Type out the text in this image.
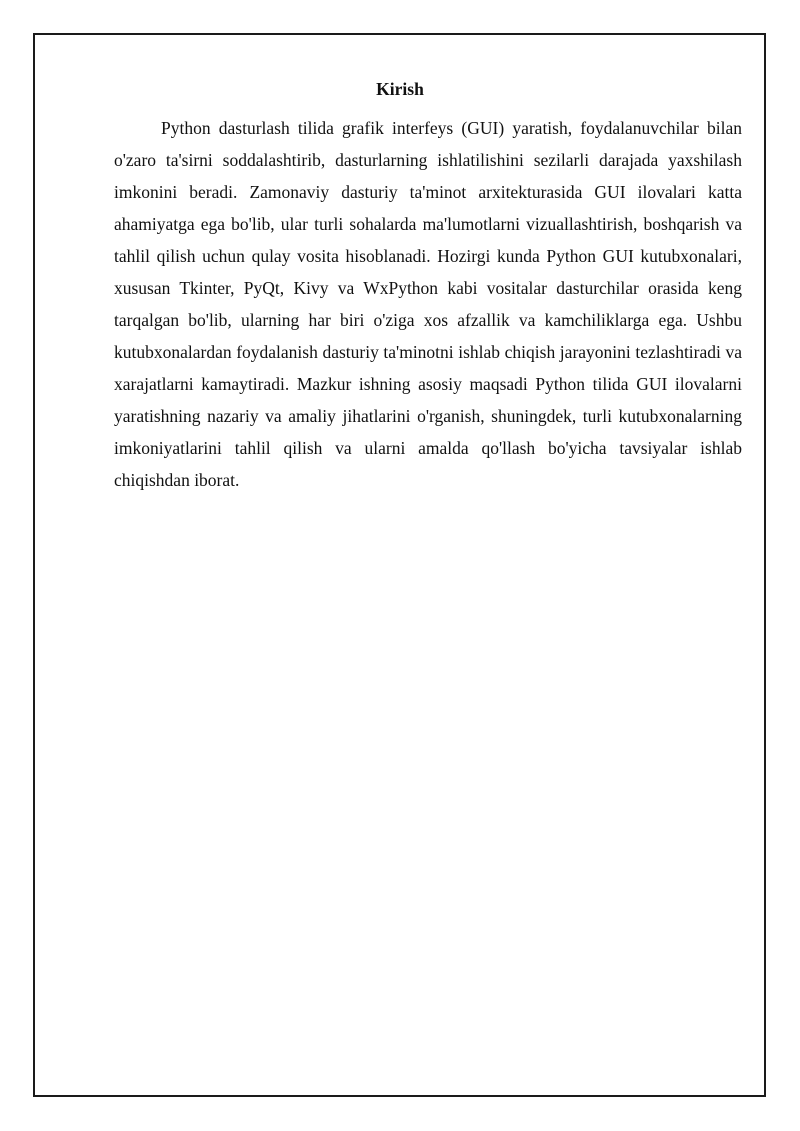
Kirish

Python dasturlash tilida grafik interfeys (GUI) yaratish, foydalanuvchilar bilan o'zaro ta'sirni soddalashtirib, dasturlarning ishlatilishini sezilarli darajada yaxshilash imkonini beradi. Zamonaviy dasturiy ta'minot arxitekturasida GUI ilovalari katta ahamiyatga ega bo'lib, ular turli sohalarda ma'lumotlarni vizuallashtirish, boshqarish va tahlil qilish uchun qulay vosita hisoblanadi. Hozirgi kunda Python GUI kutubxonalari, xususan Tkinter, PyQt, Kivy va WxPython kabi vositalar dasturchilar orasida keng tarqalgan bo'lib, ularning har biri o'ziga xos afzallik va kamchiliklarga ega. Ushbu kutubxonalardan foydalanish dasturiy ta'minotni ishlab chiqish jarayonini tezlashtiradi va xarajatlarni kamaytiradi. Mazkur ishning asosiy maqsadi Python tilida GUI ilovalarni yaratishning nazariy va amaliy jihatlarini o'rganish, shuningdek, turli kutubxonalarning imkoniyatlarini tahlil qilish va ularni amalda qo'llash bo'yicha tavsiyalar ishlab chiqishdan iborat.
